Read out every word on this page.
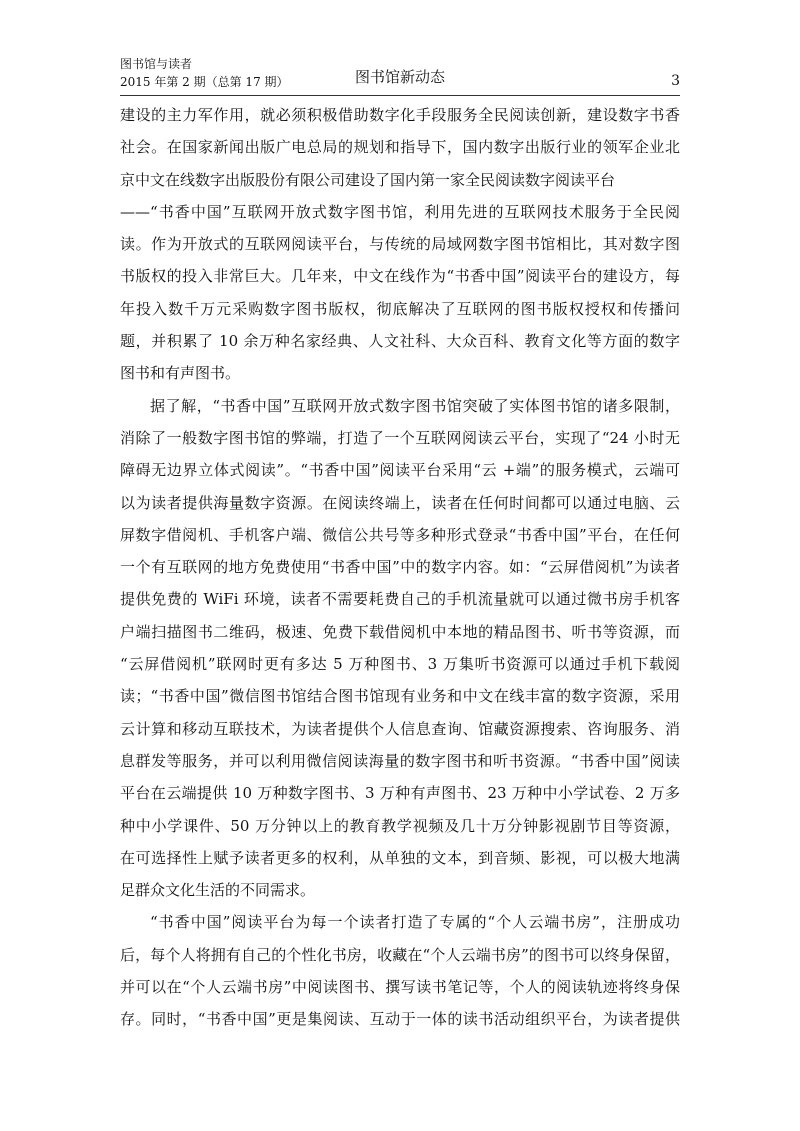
图书馆与读者
2015 年第 2 期（总第 17 期）	图书馆新动态	3
建设的主力军作用，就必须积极借助数字化手段服务全民阅读创新，建设数字书香
社会。在国家新闻出版广电总局的规划和指导下，国内数字出版行业的领军企业北
京中文在线数字出版股份有限公司建设了国内第一家全民阅读数字阅读平台
——“书香中国”互联网开放式数字图书馆，利用先进的互联网技术服务于全民阅
读。作为开放式的互联网阅读平台，与传统的局域网数字图书馆相比，其对数字图
书版权的投入非常巨大。几年来，中文在线作为“书香中国”阅读平台的建设方，每
年投入数千万元采购数字图书版权，彻底解决了互联网的图书版权授权和传播问
题，并积累了 10 余万种名家经典、人文社科、大众百科、教育文化等方面的数字
图书和有声图书。
据了解，“书香中国”互联网开放式数字图书馆突破了实体图书馆的诸多限制，
消除了一般数字图书馆的弊端，打造了一个互联网阅读云平台，实现了“24 小时无
障碍无边界立体式阅读”。“书香中国”阅读平台采用“云 +端”的服务模式，云端可
以为读者提供海量数字资源。在阅读终端上，读者在任何时间都可以通过电脑、云
屏数字借阅机、手机客户端、微信公共号等多种形式登录“书香中国”平台，在任何
一个有互联网的地方免费使用“书香中国”中的数字内容。如：“云屏借阅机”为读者
提供免费的 WiFi 环境，读者不需要耗费自己的手机流量就可以通过微书房手机客
户端扫描图书二维码，极速、免费下载借阅机中本地的精品图书、听书等资源，而
“云屏借阅机”联网时更有多达 5 万种图书、3 万集听书资源可以通过手机下载阅
读；“书香中国”微信图书馆结合图书馆现有业务和中文在线丰富的数字资源，采用
云计算和移动互联技术，为读者提供个人信息查询、馆藏资源搜索、咨询服务、消
息群发等服务，并可以利用微信阅读海量的数字图书和听书资源。“书香中国”阅读
平台在云端提供 10 万种数字图书、3 万种有声图书、23 万种中小学试卷、2 万多
种中小学课件、50 万分钟以上的教育教学视频及几十万分钟影视剧节目等资源，
在可选择性上赋予读者更多的权利，从单独的文本，到音频、影视，可以极大地满
足群众文化生活的不同需求。
“书香中国”阅读平台为每一个读者打造了专属的“个人云端书房”，注册成功
后，每个人将拥有自己的个性化书房，收藏在“个人云端书房”的图书可以终身保留，
并可以在“个人云端书房”中阅读图书、撰写读书笔记等，个人的阅读轨迹将终身保
存。同时，“书香中国”更是集阅读、互动于一体的读书活动组织平台，为读者提供
